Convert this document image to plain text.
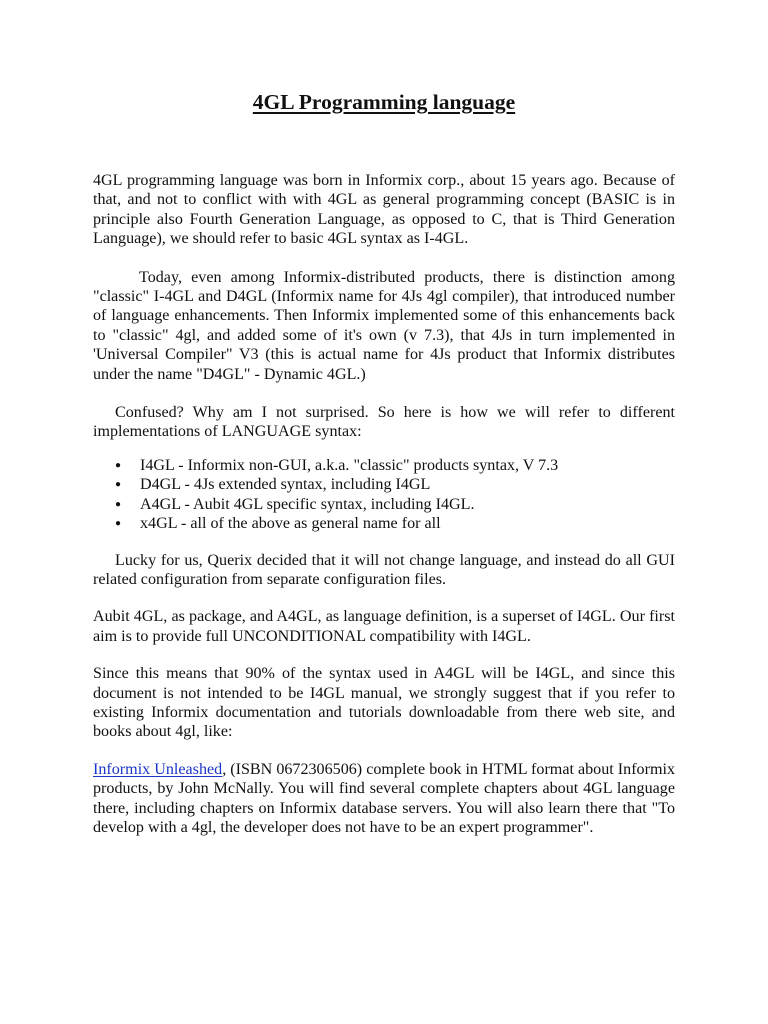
4GL Programming language

4GL programming language was born in Informix corp., about 15 years ago. Because of that, and not to conflict with with 4GL as general programming concept (BASIC is in principle also Fourth Generation Language, as opposed to C, that is Third Generation Language), we should refer to basic 4GL syntax as I-4GL.

Today, even among Informix-distributed products, there is distinction among "classic" I-4GL and D4GL (Informix name for 4Js 4gl compiler), that introduced number of language enhancements. Then Informix implemented some of this enhancements back to "classic" 4gl, and added some of it's own (v 7.3), that 4Js in turn implemented in 'Universal Compiler" V3 (this is actual name for 4Js product that Informix distributes under the name "D4GL" - Dynamic 4GL.)

Confused? Why am I not surprised. So here is how we will refer to different implementations of LANGUAGE syntax:

● I4GL - Informix non-GUI, a.k.a. "classic" products syntax, V 7.3
● D4GL - 4Js extended syntax, including I4GL
● A4GL - Aubit 4GL specific syntax, including I4GL.
● x4GL - all of the above as general name for all

Lucky for us, Querix decided that it will not change language, and instead do all GUI related configuration from separate configuration files.

Aubit 4GL, as package, and A4GL, as language definition, is a superset of I4GL. Our first aim is to provide full UNCONDITIONAL compatibility with I4GL.

Since this means that 90% of the syntax used in A4GL will be I4GL, and since this document is not intended to be I4GL manual, we strongly suggest that if you refer to existing Informix documentation and tutorials downloadable from there web site, and books about 4gl, like:

Informix Unleashed, (ISBN 0672306506) complete book in HTML format about Informix products, by John McNally. You will find several complete chapters about 4GL language there, including chapters on Informix database servers. You will also learn there that "To develop with a 4gl, the developer does not have to be an expert programmer".
